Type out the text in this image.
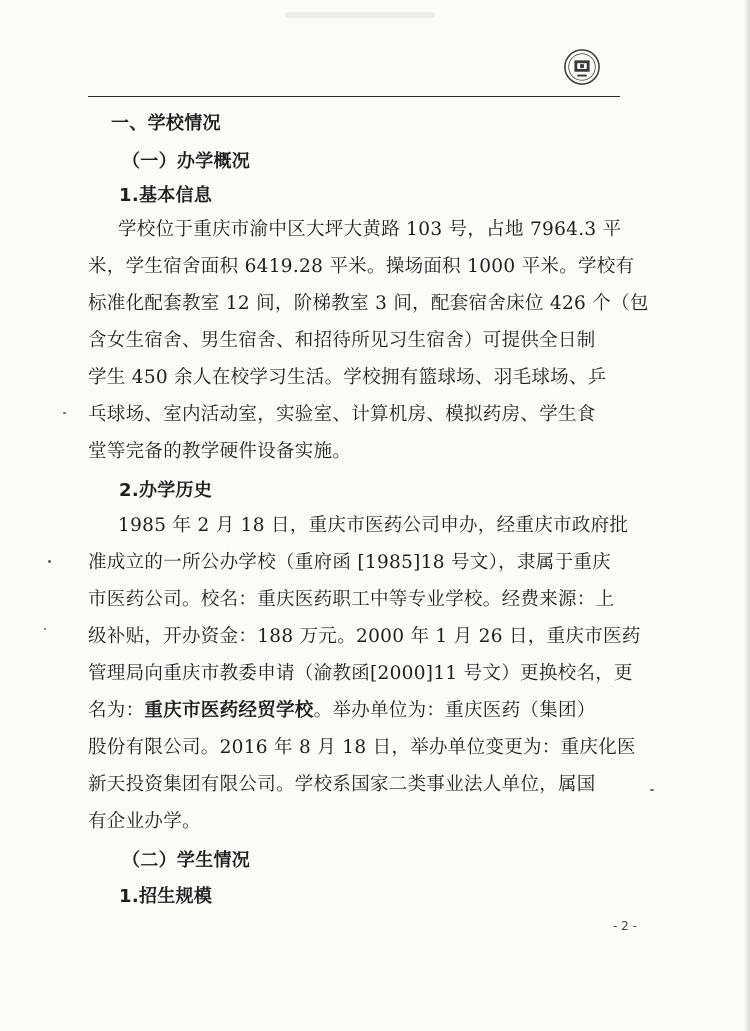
一、学校情况
（一）办学概况
1.基本信息
学校位于重庆市渝中区大坪大黄路 103 号，占地 7964.3 平
米，学生宿舍面积 6419.28 平米。操场面积 1000 平米。学校有
标准化配套教室 12 间，阶梯教室 3 间，配套宿舍床位 426 个（包
含女生宿舍、男生宿舍、和招待所见习生宿舍）可提供全日制
学生 450 余人在校学习生活。学校拥有篮球场、羽毛球场、乒
乓球场、室内活动室，实验室、计算机房、模拟药房、学生食
堂等完备的教学硬件设备实施。
2.办学历史
1985 年 2 月 18 日，重庆市医药公司申办，经重庆市政府批
准成立的一所公办学校（重府函 [1985]18 号文），隶属于重庆
市医药公司。校名：重庆医药职工中等专业学校。经费来源：上
级补贴，开办资金：188 万元。2000 年 1 月 26 日，重庆市医药
管理局向重庆市教委申请（渝教函[2000]11 号文）更换校名，更
名为：重庆市医药经贸学校。举办单位为：重庆医药（集团）
股份有限公司。2016 年 8 月 18 日，举办单位变更为：重庆化医
新天投资集团有限公司。学校系国家二类事业法人单位，属国
有企业办学。
（二）学生情况
1.招生规模
- 2 -
